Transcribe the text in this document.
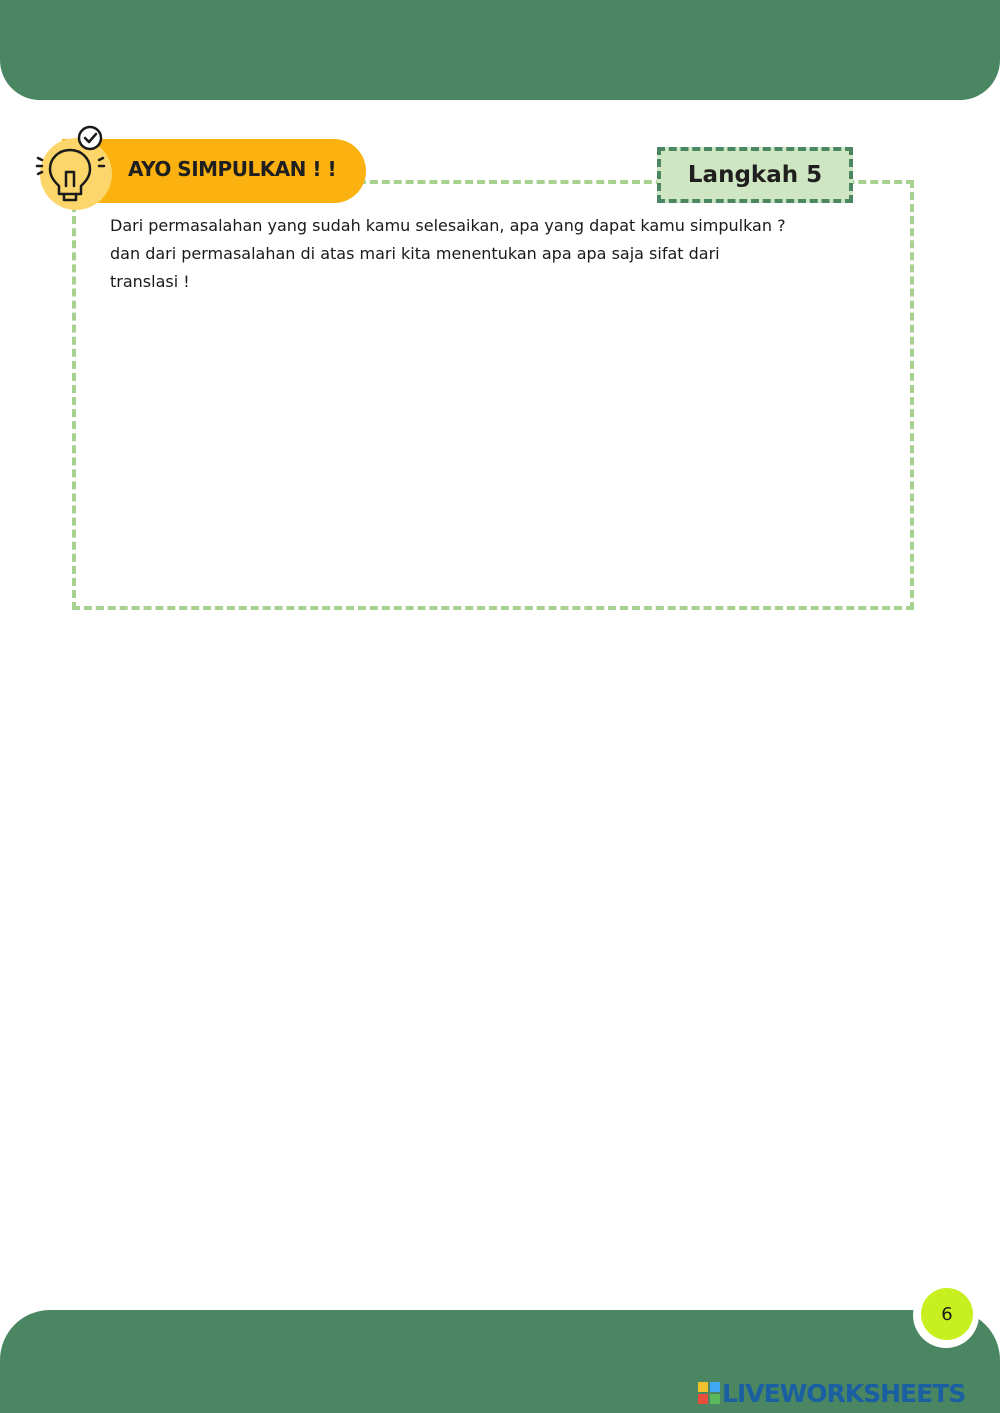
AYO SIMPULKAN ! !	Langkah 5
Dari permasalahan yang sudah kamu selesaikan, apa yang dapat kamu simpulkan ?
dan dari permasalahan di atas mari kita menentukan apa apa saja sifat dari
translasi !
6
LIVEWORKSHEETS
